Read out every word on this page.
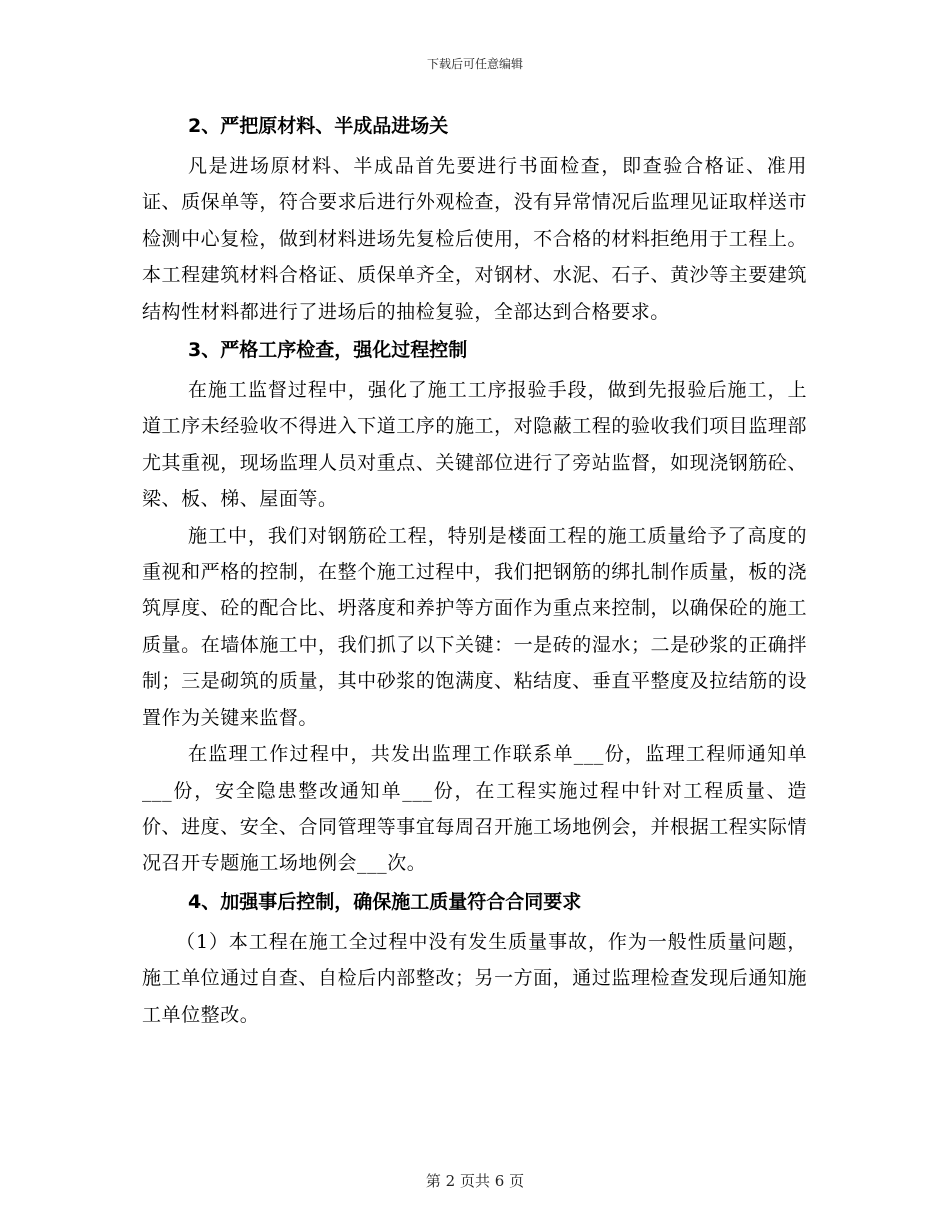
下载后可任意编辑
2、严把原材料、半成品进场关

凡是进场原材料、半成品首先要进行书面检查，即查验合格证、准用证、质保单等，符合要求后进行外观检查，没有异常情况后监理见证取样送市检测中心复检，做到材料进场先复检后使用，不合格的材料拒绝用于工程上。本工程建筑材料合格证、质保单齐全，对钢材、水泥、石子、黄沙等主要建筑结构性材料都进行了进场后的抽检复验，全部达到合格要求。

3、严格工序检查，强化过程控制

在施工监督过程中，强化了施工工序报验手段，做到先报验后施工，上道工序未经验收不得进入下道工序的施工，对隐蔽工程的验收我们项目监理部尤其重视，现场监理人员对重点、关键部位进行了旁站监督，如现浇钢筋砼、梁、板、梯、屋面等。

施工中，我们对钢筋砼工程，特别是楼面工程的施工质量给予了高度的重视和严格的控制，在整个施工过程中，我们把钢筋的绑扎制作质量，板的浇筑厚度、砼的配合比、坍落度和养护等方面作为重点来控制，以确保砼的施工质量。在墙体施工中，我们抓了以下关键：一是砖的湿水；二是砂浆的正确拌制；三是砌筑的质量，其中砂浆的饱满度、粘结度、垂直平整度及拉结筋的设置作为关键来监督。

在监理工作过程中，共发出监理工作联系单___份，监理工程师通知单___份，安全隐患整改通知单___份，在工程实施过程中针对工程质量、造价、进度、安全、合同管理等事宜每周召开施工场地例会，并根据工程实际情况召开专题施工场地例会___次。

4、加强事后控制，确保施工质量符合合同要求

（1）本工程在施工全过程中没有发生质量事故，作为一般性质量问题，施工单位通过自查、自检后内部整改；另一方面，通过监理检查发现后通知施工单位整改。

第 2 页共 6 页
